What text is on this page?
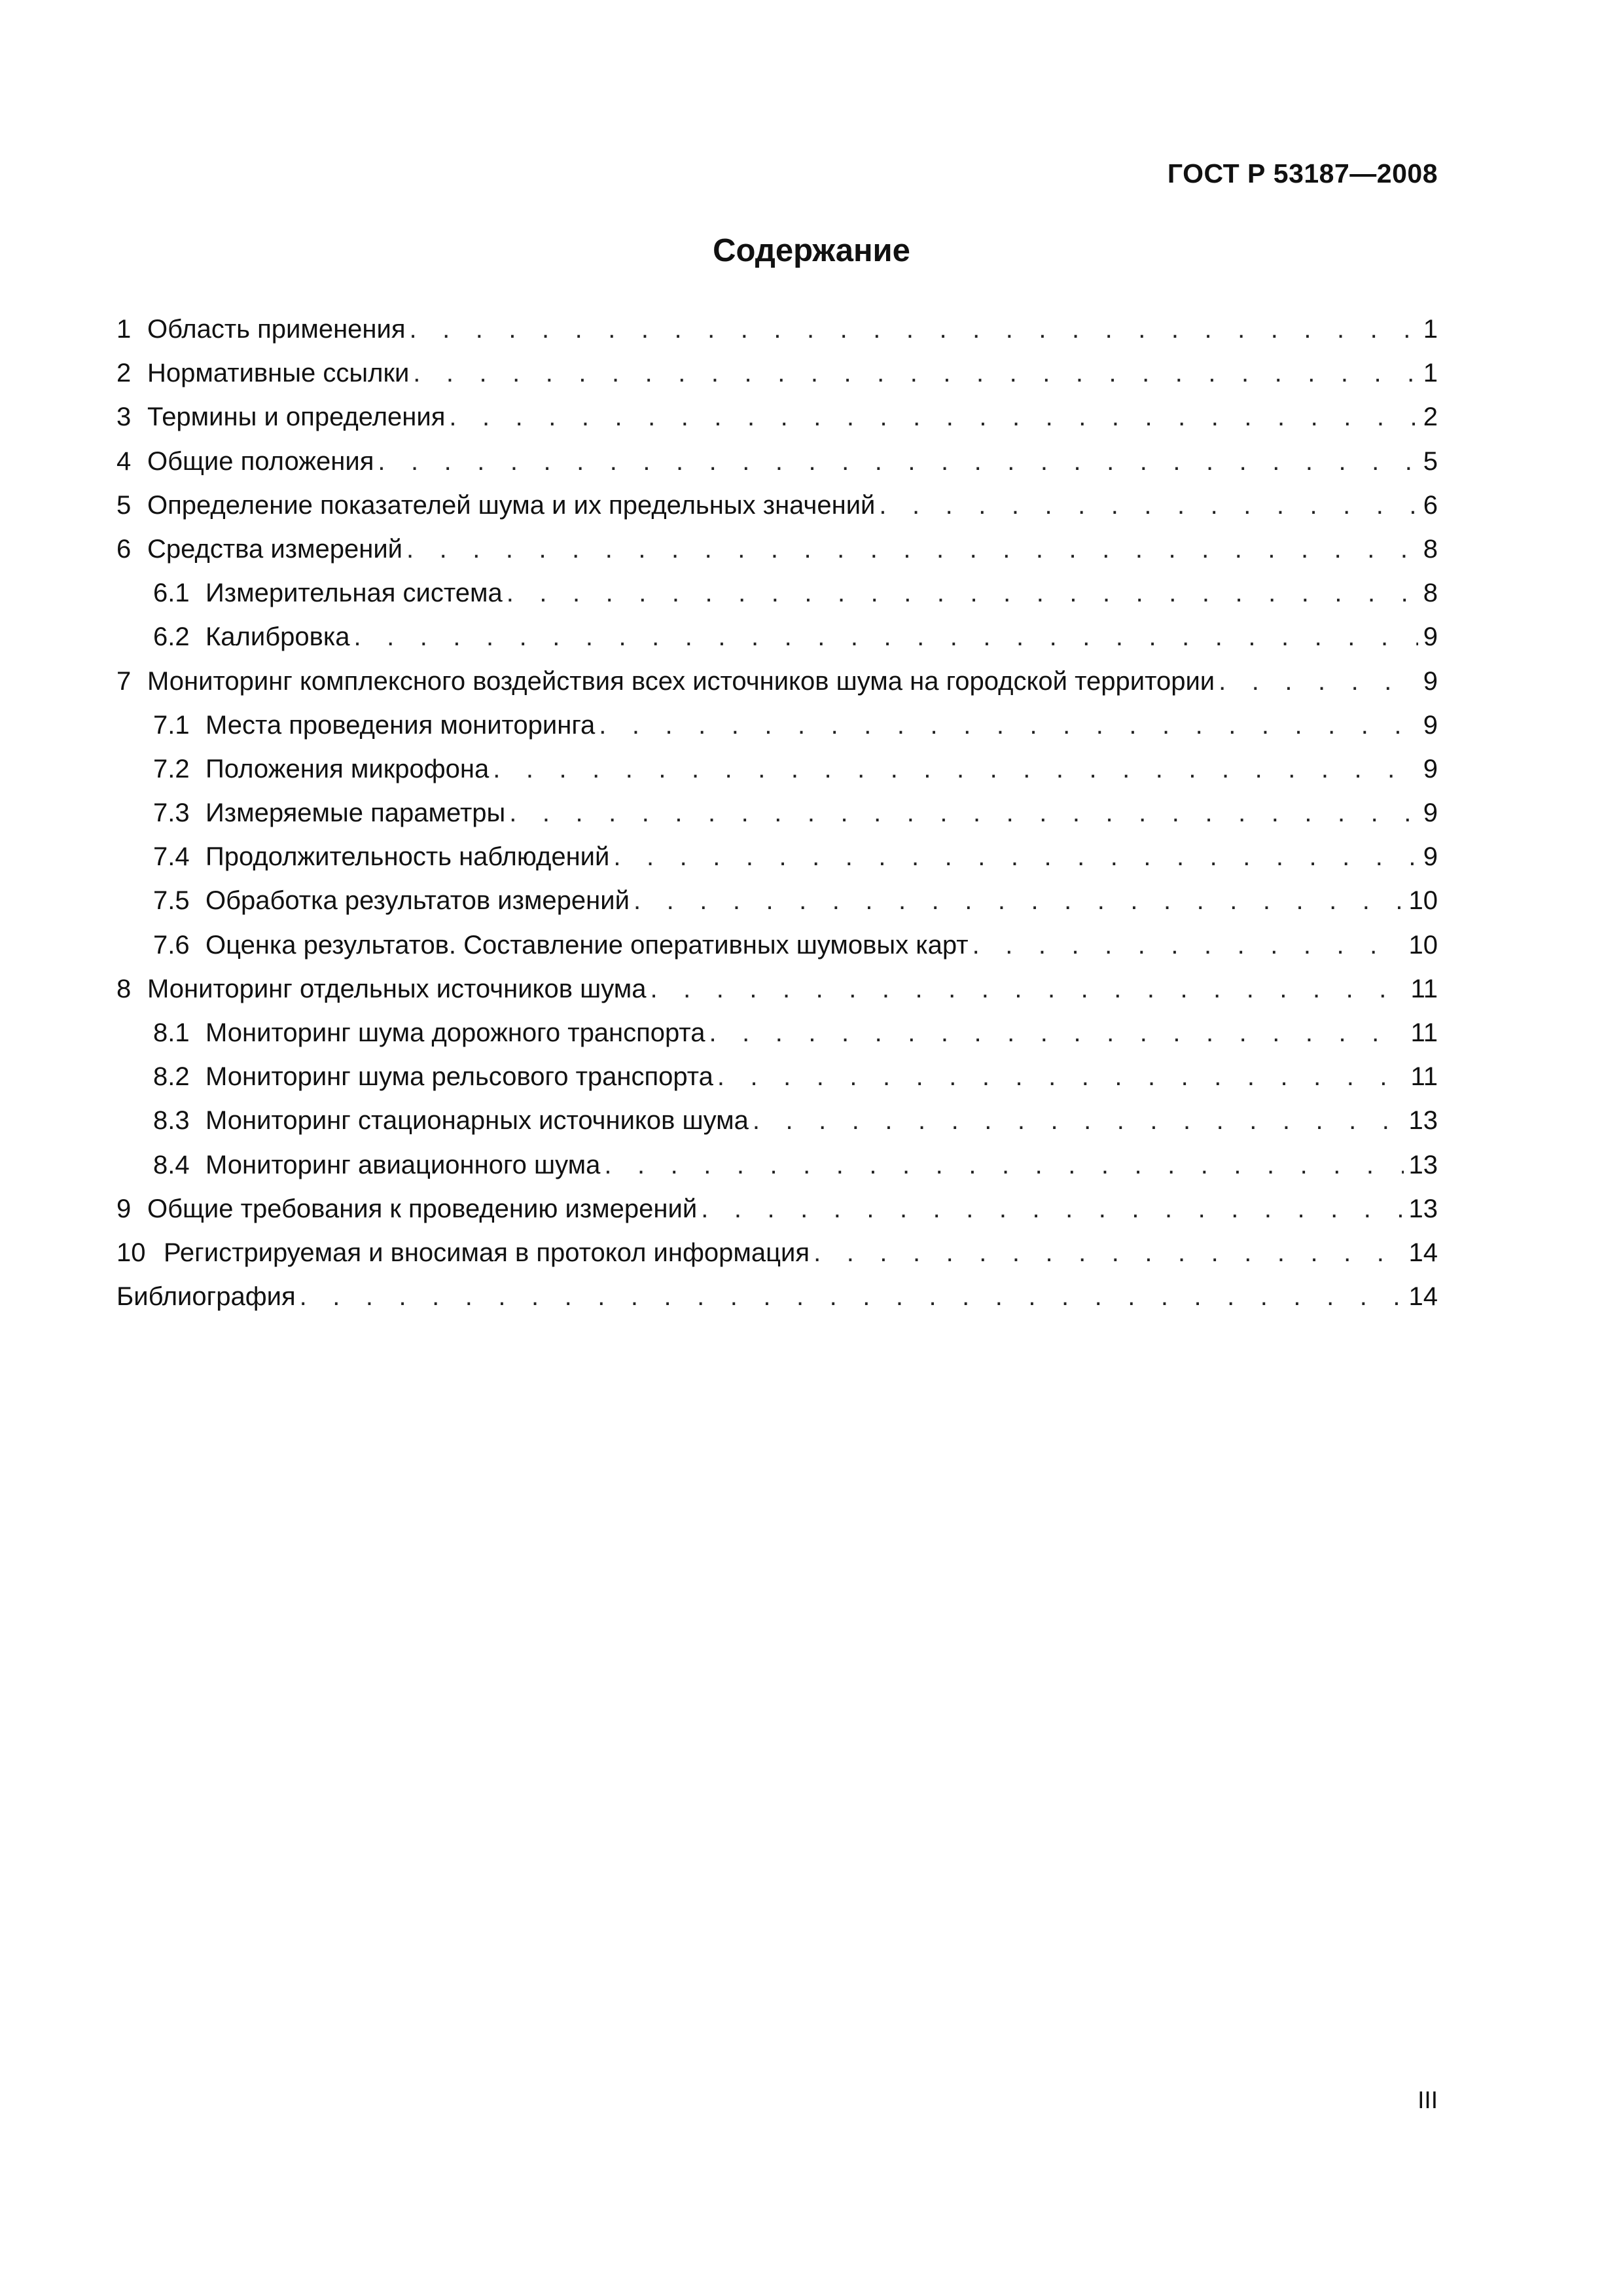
ГОСТ Р 53187—2008
Содержание
1 Область применения . . .	1
2 Нормативные ссылки . . .	1
3 Термины и определения . . .	2
4 Общие положения . . .	5
5 Определение показателей шума и их предельных значений . . .	6
6 Средства измерений . . .	8
6.1 Измерительная система . . .	8
6.2 Калибровка . . .	9
7 Мониторинг комплексного воздействия всех источников шума на городской территории . . .	9
7.1 Места проведения мониторинга . . .	9
7.2 Положения микрофона . . .	9
7.3 Измеряемые параметры . . .	9
7.4 Продолжительность наблюдений . . .	9
7.5 Обработка результатов измерений . . .	10
7.6 Оценка результатов. Составление оперативных шумовых карт . . .	10
8 Мониторинг отдельных источников шума . . .	11
8.1 Мониторинг шума дорожного транспорта . . .	11
8.2 Мониторинг шума рельсового транспорта . . .	11
8.3 Мониторинг стационарных источников шума . . .	13
8.4 Мониторинг авиационного шума . . .	13
9 Общие требования к проведению измерений . . .	13
10 Регистрируемая и вносимая в протокол информация . . .	14
Библиография . . .	14
III
